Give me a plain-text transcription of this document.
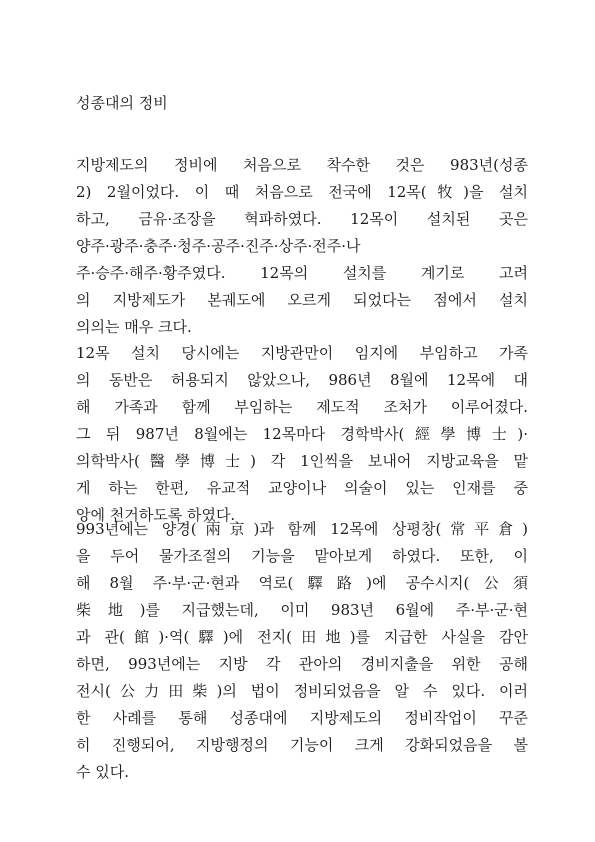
성종대의 정비
지방제도의 정비에 처음으로 착수한 것은 983년(성종
2) 2월이었다. 이 때 처음으로 전국에 12목(牧)을 설치
하고, 금유·조장을 혁파하였다. 12목이 설치된 곳은
양주·광주·충주·청주·공주·진주·상주·전주·나
주·승주·해주·황주였다. 12목의 설치를 계기로 고려
의 지방제도가 본궤도에 오르게 되었다는 점에서 설치
의의는 매우 크다.
12목 설치 당시에는 지방관만이 임지에 부임하고 가족
의 동반은 허용되지 않았으나, 986년 8월에 12목에 대
해 가족과 함께 부임하는 제도적 조처가 이루어졌다.
그 뒤 987년 8월에는 12목마다 경학박사(經學博士)·
의학박사(醫學博士) 각 1인씩을 보내어 지방교육을 맡
게 하는 한편, 유교적 교양이나 의술이 있는 인재를 중
앙에 천거하도록 하였다.
993년에는 양경(兩京)과 함께 12목에 상평창(常平倉)
을 두어 물가조절의 기능을 맡아보게 하였다. 또한, 이
해 8월 주·부·군·현과 역로(驛路)에 공수시지(公須
柴地)를 지급했는데, 이미 983년 6월에 주·부·군·현
과 관(館)·역(驛)에 전지(田地)를 지급한 사실을 감안
하면, 993년에는 지방 각 관아의 경비지출을 위한 공해
전시(公力田柴)의 법이 정비되었음을 알 수 있다. 이러
한 사례를 통해 성종대에 지방제도의 정비작업이 꾸준
히 진행되어, 지방행정의 기능이 크게 강화되었음을 볼
수 있다.
